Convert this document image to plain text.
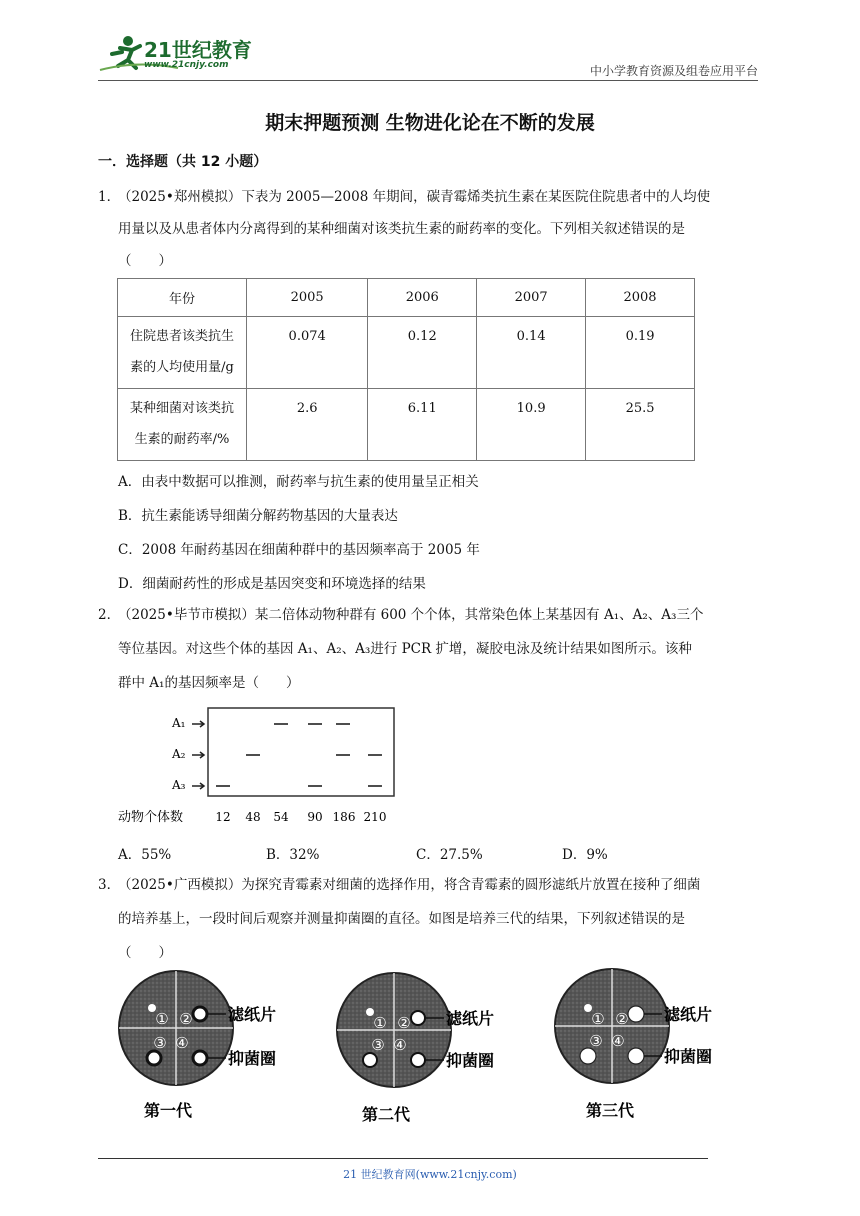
21世纪教育
www.21cnjy.com	中小学教育资源及组卷应用平台
期末押题预测 生物进化论在不断的发展
一．选择题（共 12 小题）
1．
（2025•郑州模拟）下表为 2005—2008 年期间，碳青霉烯类抗生素在某医院住院患者中的人均使
用量以及从患者体内分离得到的某种细菌对该类抗生素的耐药率的变化。下列相关叙述错误的是
（　　）
年份	2005	2006	2007	2008
住院患者该类抗生
素的人均使用量/g	0.074	0.12	0.14	0.19
某种细菌对该类抗
生素的耐药率/%	2.6	6.11	10.9	25.5
A．由表中数据可以推测，耐药率与抗生素的使用量呈正相关
B．抗生素能诱导细菌分解药物基因的大量表达
C．2008 年耐药基因在细菌种群中的基因频率高于 2005 年
D．细菌耐药性的形成是基因突变和环境选择的结果
2．
（2025•毕节市模拟）某二倍体动物种群有 600 个个体，其常染色体上某基因有 A₁、A₂、A₃三个
等位基因。对这些个体的基因 A₁、A₂、A₃进行 PCR 扩增，凝胶电泳及统计结果如图所示。该种
群中 A₁的基因频率是（　　）
A₁
A₂
A₃
动物个体数	12 48 54 90 186 210
A．55%	B．32%	C．27.5%	D．9%
3．
（2025•广西模拟）为探究青霉素对细菌的选择作用，将含青霉素的圆形滤纸片放置在接种了细菌
的培养基上，一段时间后观察并测量抑菌圈的直径。如图是培养三代的结果，下列叙述错误的是
（　　）
① ②
③ ④
滤纸片
抑菌圈
第一代
① ②
③ ④
滤纸片
抑菌圈
第二代
① ②
③ ④
滤纸片
抑菌圈
第三代
21 世纪教育网(www.21cnjy.com)
